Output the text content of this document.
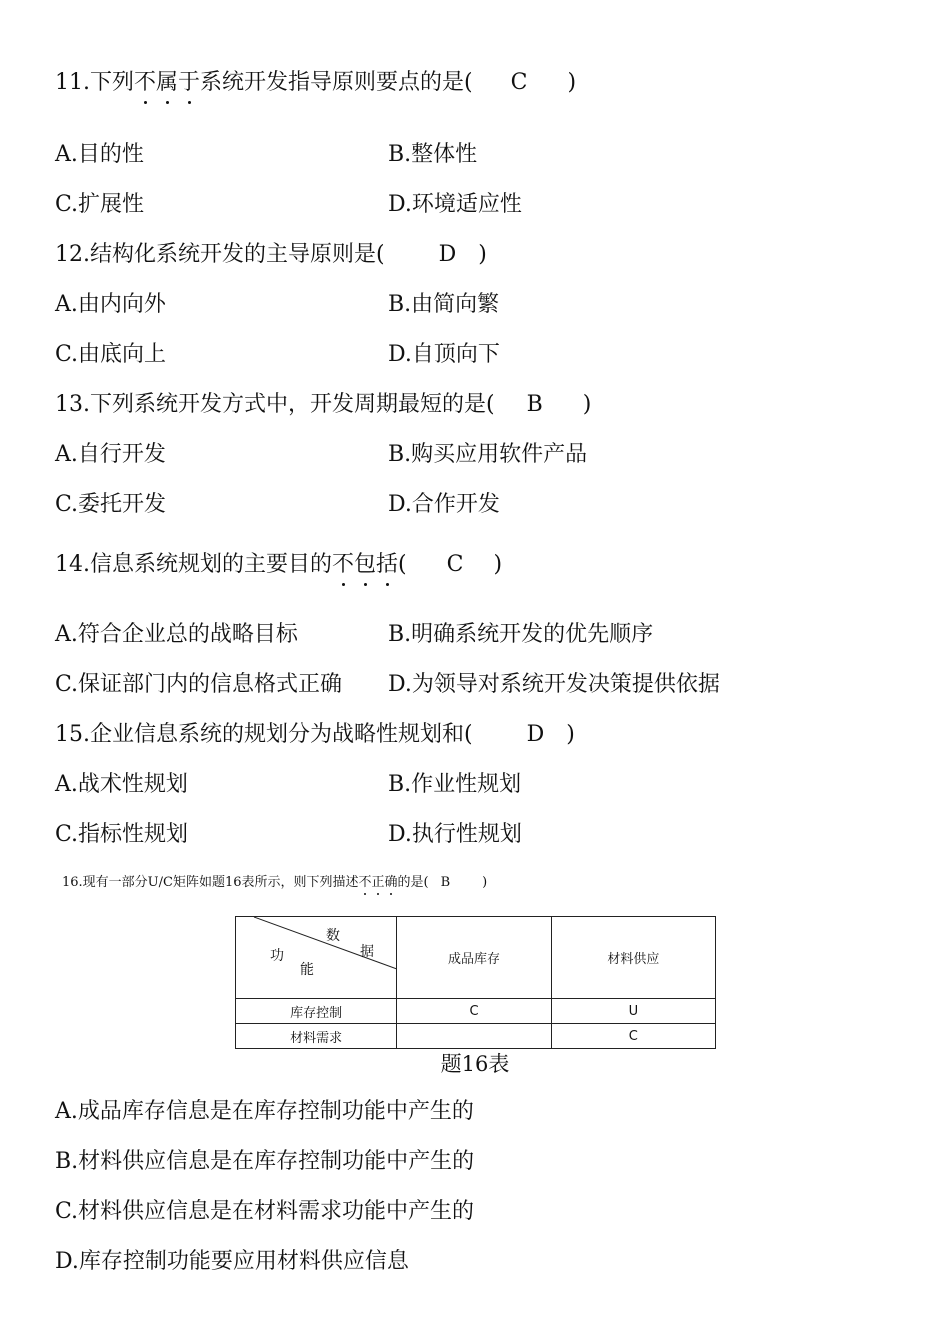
11.下列不属于
系统开发指导原则要点的是( C )
A.目的性	B.整体性
C.扩展性	D.环境适应性
12.结构化系统开发的主导原则是( D )
A.由内向外	B.由简向繁
C.由底向上	D.自顶向下
13.下列系统开发方式中，开发周期最短的是( B )
A.自行开发	B.购买应用软件产品
C.委托开发	D.合作开发
14.信息系统规划的主要目的不包括
( C )
A.符合企业总的战略目标	B.明确系统开发的优先顺序
C.保证部门内的信息格式正确 D.为领导对系统开发决策提供依据
15.企业信息系统的规划分为战略性规划和( D )
A.战术性规划	B.作业性规划
C.指标性规划	D.执行性规划
16.现有一部分U/C矩阵如题16表所示，则下列描述不正确
的是( B )
数
据
功
能	成品库存	材料供应
库存控制	C	U
材料需求		C
题16表
A.成品库存信息是在库存控制功能中产生的
B.材料供应信息是在库存控制功能中产生的
C.材料供应信息是在材料需求功能中产生的
D.库存控制功能要应用材料供应信息
